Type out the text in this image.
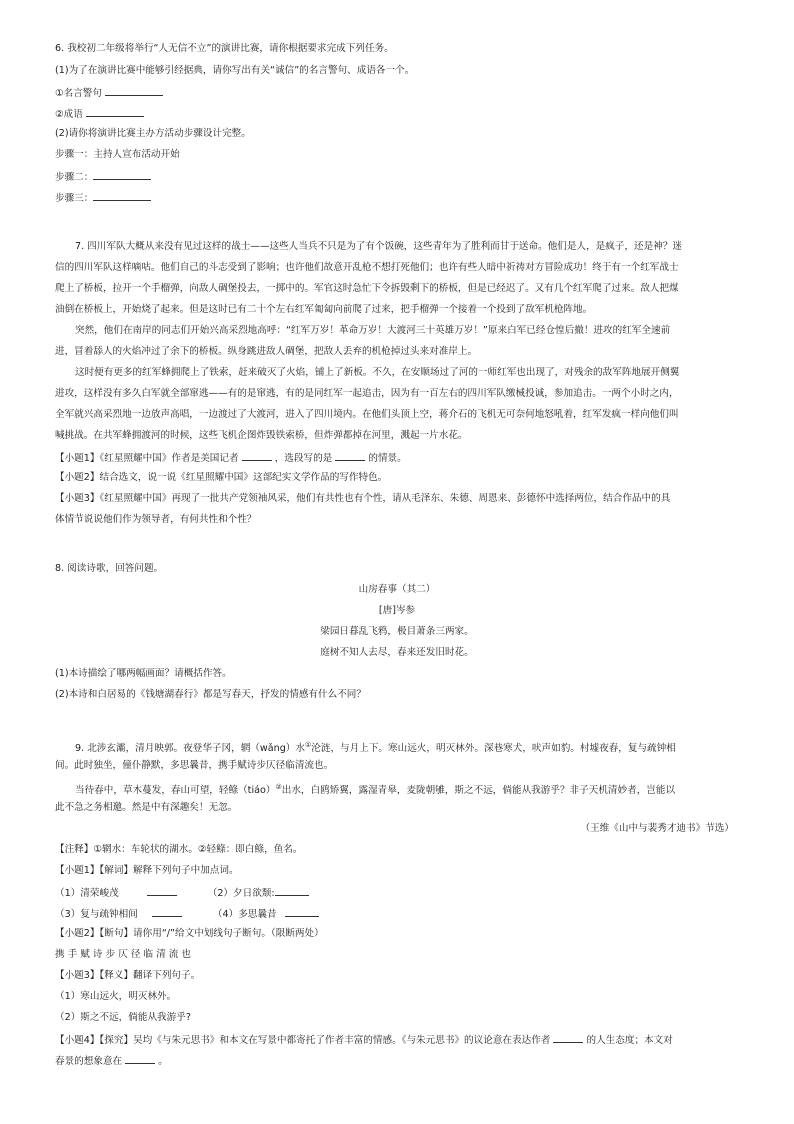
6. 我校初二年级将举行“人无信不立”的演讲比赛，请你根据要求完成下列任务。
(1)为了在演讲比赛中能够引经据典，请你写出有关“诚信”的名言警句、成语各一个。
①名言警句
②成语
(2)请你将演讲比赛主办方活动步骤设计完整。
步骤一：主持人宣布活动开始
步骤二：
步骤三：
7. 四川军队大概从来没有见过这样的战士——这些人当兵不只是为了有个饭碗，这些青年为了胜利而甘于送命。他们是人，是疯子，还是神？迷
信的四川军队这样嘀咕。他们自己的斗志受到了影响；也许他们故意开乱枪不想打死他们；也许有些人暗中祈祷对方冒险成功！终于有一个红军战士
爬上了桥板，拉开一个手榴弹，向敌人碉堡投去，一掷中的。军官这时急忙下令拆毁剩下的桥板，但是已经迟了。又有几个红军爬了过来。敌人把煤
油倒在桥板上，开始烧了起来。但是这时已有二十个左右红军匍匐向前爬了过来，把手榴弹一个接着一个投到了敌军机枪阵地。
突然，他们在南岸的同志们开始兴高采烈地高呼：“红军万岁！革命万岁！大渡河三十英雄万岁！”原来白军已经仓惶后撤！进攻的红军全速前
进，冒着舔人的火焰冲过了余下的桥板。纵身跳进敌人碉堡，把敌人丢弃的机枪掉过头来对准岸上。
这时便有更多的红军蜂拥爬上了铁索，赶来破灭了火焰，铺上了新板。不久，在安顺场过了河的一师红军也出现了，对残余的敌军阵地展开侧翼
进攻，这样没有多久白军就全部窜逃——有的是窜逃，有的是同红军一起追击，因为有一百左右的四川军队缴械投诚，参加追击。一两个小时之内，
全军就兴高采烈地一边放声高唱，一边渡过了大渡河，进入了四川境内。在他们头顶上空，蒋介石的飞机无可奈何地怒吼着，红军发疯一样向他们叫
喊挑战。在共军蜂拥渡河的时候，这些飞机企图炸毁铁索桥，但炸弹都掉在河里，溅起一片水花。
【小题1】《红星照耀中国》作者是美国记者	，选段写的是	的情景。
【小题2】结合选文，说一说《红星照耀中国》这部纪实文学作品的写作特色。
【小题3】《红星照耀中国》再现了一批共产党领袖风采，他们有共性也有个性，请从毛泽东、朱德、周恩来、彭德怀中选择两位，结合作品中的具
体情节说说他们作为领导者，有何共性和个性？
8. 阅读诗歌，回答问题。
山房春事（其二）
[唐]岑参
梁园日暮乱飞鸦，极目萧条三两家。
庭树不知人去尽，春来还发旧时花。
(1)本诗描绘了哪两幅画面？请概括作答。
(2)本诗和白居易的《钱塘湖春行》都是写春天，抒发的情感有什么不同？
9. 北涉玄灞，清月映郭。夜登华子冈，辋（wǎng）水①沦涟，与月上下。寒山远火，明灭林外。深巷寒犬，吠声如豹。村墟夜舂，复与疏钟相
间。此时独坐，僮仆静默，多思曩昔，携手赋诗步仄径临清流也。
当待春中，草木蔓发，春山可望，轻鲦（tiáo）②出水，白鸥矫翼，露湿青皋，麦陇朝雊，斯之不远，倘能从我游乎？非子天机清妙者，岂能以
此不急之务相邀。然是中有深趣矣！无忽。
（王维《山中与裴秀才迪书》节选）
【注释】①辋水：车轮状的湖水。②轻鲦：即白鲦，鱼名。
【小题1】【解词】解释下列句子中加点词。
（1）清荣峻茂	（2）夕日欲颓:
（3）复与疏钟相间	（4）多思曩昔
【小题2】【断句】请你用“/”给文中划线句子断句。（限断两处）
携 手 赋 诗 步 仄 径 临 清 流 也
【小题3】【释义】翻译下列句子。
（1）寒山远火，明灭林外。
（2）斯之不远，倘能从我游乎?
【小题4】【探究】吴均《与朱元思书》和本文在写景中都寄托了作者丰富的情感。《与朱元思书》的议论意在表达作者	的人生态度；本文对
春景的想象意在	。
